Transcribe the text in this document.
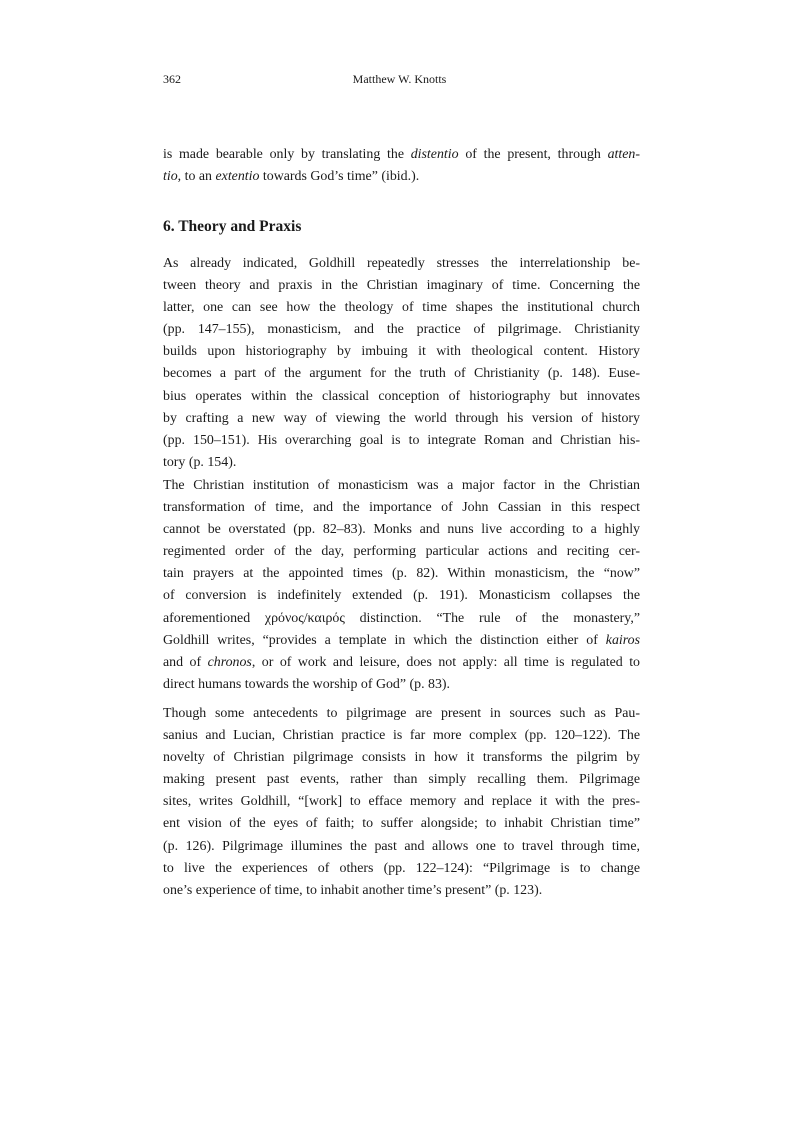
362	Matthew W. Knotts
is made bearable only by translating the distentio of the present, through atten-
tio, to an extentio towards God’s time” (ibid.).
6. Theory and Praxis
As already indicated, Goldhill repeatedly stresses the interrelationship be-
tween theory and praxis in the Christian imaginary of time. Concerning the
latter, one can see how the theology of time shapes the institutional church
(pp. 147–155), monasticism, and the practice of pilgrimage. Christianity
builds upon historiography by imbuing it with theological content. History
becomes a part of the argument for the truth of Christianity (p. 148). Euse-
bius operates within the classical conception of historiography but innovates
by crafting a new way of viewing the world through his version of history
(pp. 150–151). His overarching goal is to integrate Roman and Christian his-
tory (p. 154).
The Christian institution of monasticism was a major factor in the Christian
transformation of time, and the importance of John Cassian in this respect
cannot be overstated (pp. 82–83). Monks and nuns live according to a highly
regimented order of the day, performing particular actions and reciting cer-
tain prayers at the appointed times (p. 82). Within monasticism, the “now”
of conversion is indefinitely extended (p. 191). Monasticism collapses the
aforementioned χρόνος/καιρός distinction. “The rule of the monastery,”
Goldhill writes, “provides a template in which the distinction either of kairos
and of chronos, or of work and leisure, does not apply: all time is regulated to
direct humans towards the worship of God” (p. 83).
Though some antecedents to pilgrimage are present in sources such as Pau-
sanius and Lucian, Christian practice is far more complex (pp. 120–122). The
novelty of Christian pilgrimage consists in how it transforms the pilgrim by
making present past events, rather than simply recalling them. Pilgrimage
sites, writes Goldhill, “[work] to efface memory and replace it with the pres-
ent vision of the eyes of faith; to suffer alongside; to inhabit Christian time”
(p. 126). Pilgrimage illumines the past and allows one to travel through time,
to live the experiences of others (pp. 122–124): “Pilgrimage is to change
one’s experience of time, to inhabit another time’s present” (p. 123).
